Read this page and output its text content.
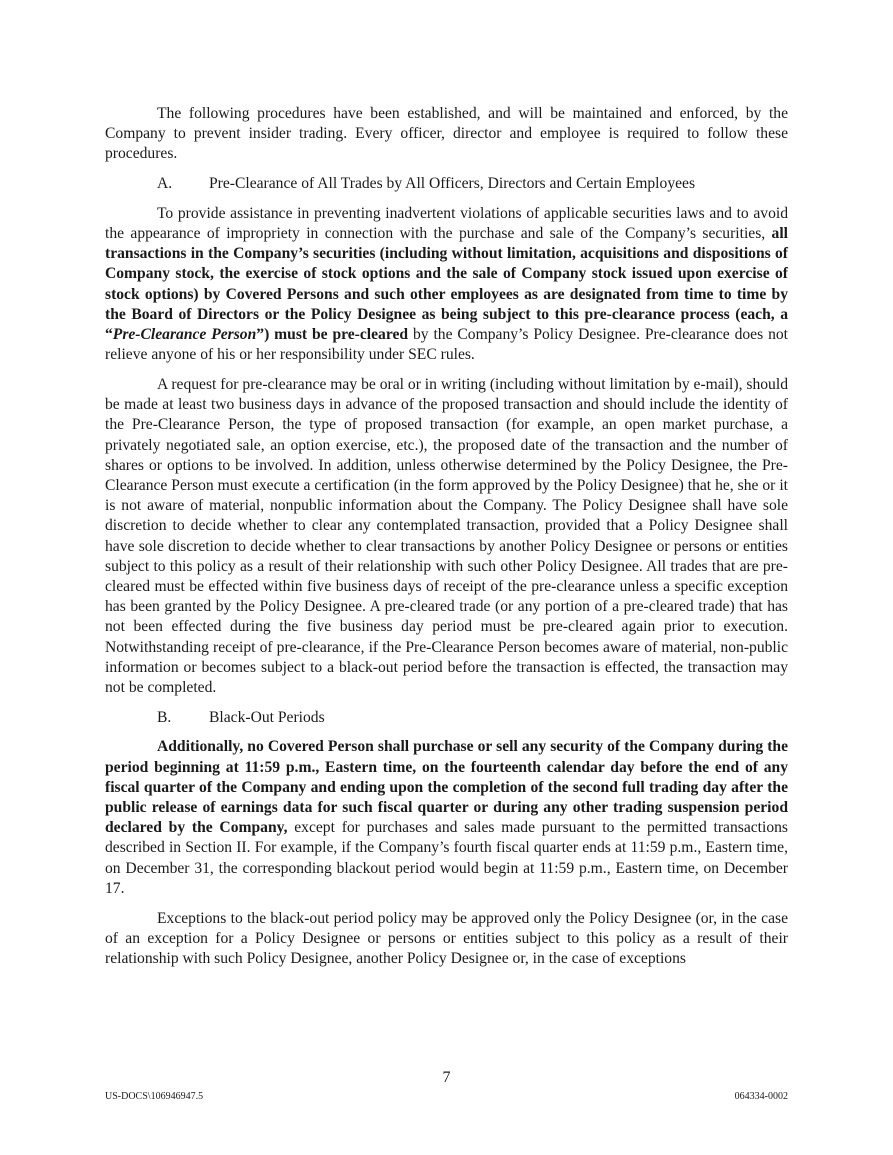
The following procedures have been established, and will be maintained and enforced, by the Company to prevent insider trading. Every officer, director and employee is required to follow these procedures.

A. Pre-Clearance of All Trades by All Officers, Directors and Certain Employees

To provide assistance in preventing inadvertent violations of applicable securities laws and to avoid the appearance of impropriety in connection with the purchase and sale of the Company’s securities, all transactions in the Company’s securities (including without limitation, acquisitions and dispositions of Company stock, the exercise of stock options and the sale of Company stock issued upon exercise of stock options) by Covered Persons and such other employees as are designated from time to time by the Board of Directors or the Policy Designee as being subject to this pre-clearance process (each, a “Pre-Clearance Person”) must be pre-cleared by the Company’s Policy Designee. Pre-clearance does not relieve anyone of his or her responsibility under SEC rules.

A request for pre-clearance may be oral or in writing (including without limitation by e-mail), should be made at least two business days in advance of the proposed transaction and should include the identity of the Pre-Clearance Person, the type of proposed transaction (for example, an open market purchase, a privately negotiated sale, an option exercise, etc.), the proposed date of the transaction and the number of shares or options to be involved. In addition, unless otherwise determined by the Policy Designee, the Pre-Clearance Person must execute a certification (in the form approved by the Policy Designee) that he, she or it is not aware of material, nonpublic information about the Company. The Policy Designee shall have sole discretion to decide whether to clear any contemplated transaction, provided that a Policy Designee shall have sole discretion to decide whether to clear transactions by another Policy Designee or persons or entities subject to this policy as a result of their relationship with such other Policy Designee. All trades that are pre-cleared must be effected within five business days of receipt of the pre-clearance unless a specific exception has been granted by the Policy Designee. A pre-cleared trade (or any portion of a pre-cleared trade) that has not been effected during the five business day period must be pre-cleared again prior to execution. Notwithstanding receipt of pre-clearance, if the Pre-Clearance Person becomes aware of material, non-public information or becomes subject to a black-out period before the transaction is effected, the transaction may not be completed.

B. Black-Out Periods

Additionally, no Covered Person shall purchase or sell any security of the Company during the period beginning at 11:59 p.m., Eastern time, on the fourteenth calendar day before the end of any fiscal quarter of the Company and ending upon the completion of the second full trading day after the public release of earnings data for such fiscal quarter or during any other trading suspension period declared by the Company, except for purchases and sales made pursuant to the permitted transactions described in Section II. For example, if the Company’s fourth fiscal quarter ends at 11:59 p.m., Eastern time, on December 31, the corresponding blackout period would begin at 11:59 p.m., Eastern time, on December 17.

Exceptions to the black-out period policy may be approved only the Policy Designee (or, in the case of an exception for a Policy Designee or persons or entities subject to this policy as a result of their relationship with such Policy Designee, another Policy Designee or, in the case of exceptions

7
US-DOCS\106946947.5	064334-0002
